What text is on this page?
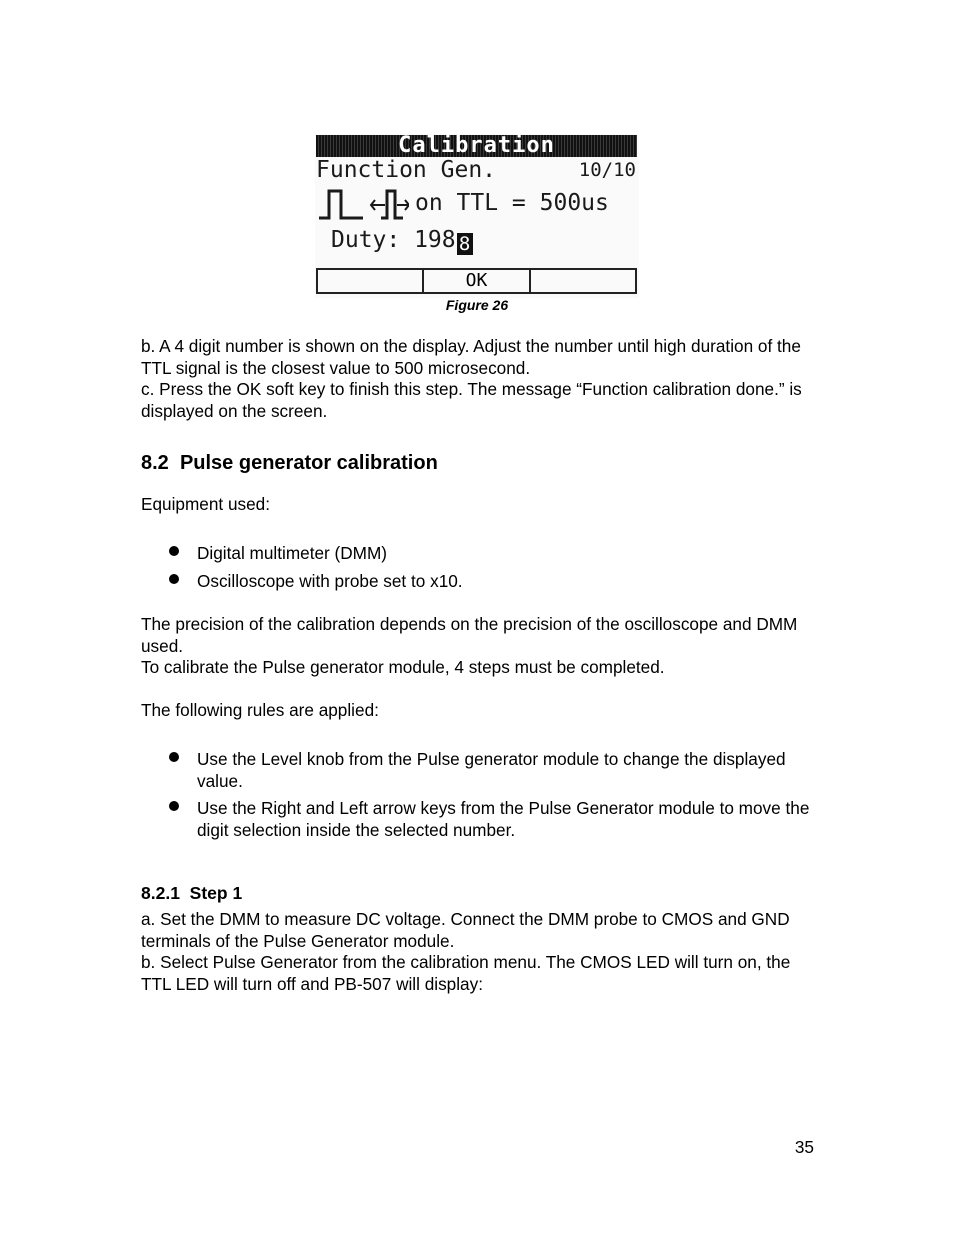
Calibration
Function Gen.	10/10
on TTL = 500us
Duty: 198 8
OK
Figure 26
b. A 4 digit number is shown on the display. Adjust the number until high duration of the TTL signal is the closest value to 500 microsecond.
c. Press the OK soft key to finish this step. The message “Function calibration done.” is displayed on the screen.
8.2 Pulse generator calibration
Equipment used:
Digital multimeter (DMM)
Oscilloscope with probe set to x10.
The precision of the calibration depends on the precision of the oscilloscope and DMM used.
To calibrate the Pulse generator module, 4 steps must be completed.
The following rules are applied:
Use the Level knob from the Pulse generator module to change the displayed value.
Use the Right and Left arrow keys from the Pulse Generator module to move the digit selection inside the selected number.
8.2.1 Step 1
a. Set the DMM to measure DC voltage. Connect the DMM probe to CMOS and GND terminals of the Pulse Generator module.
b. Select Pulse Generator from the calibration menu. The CMOS LED will turn on, the TTL LED will turn off and PB-507 will display:
35
